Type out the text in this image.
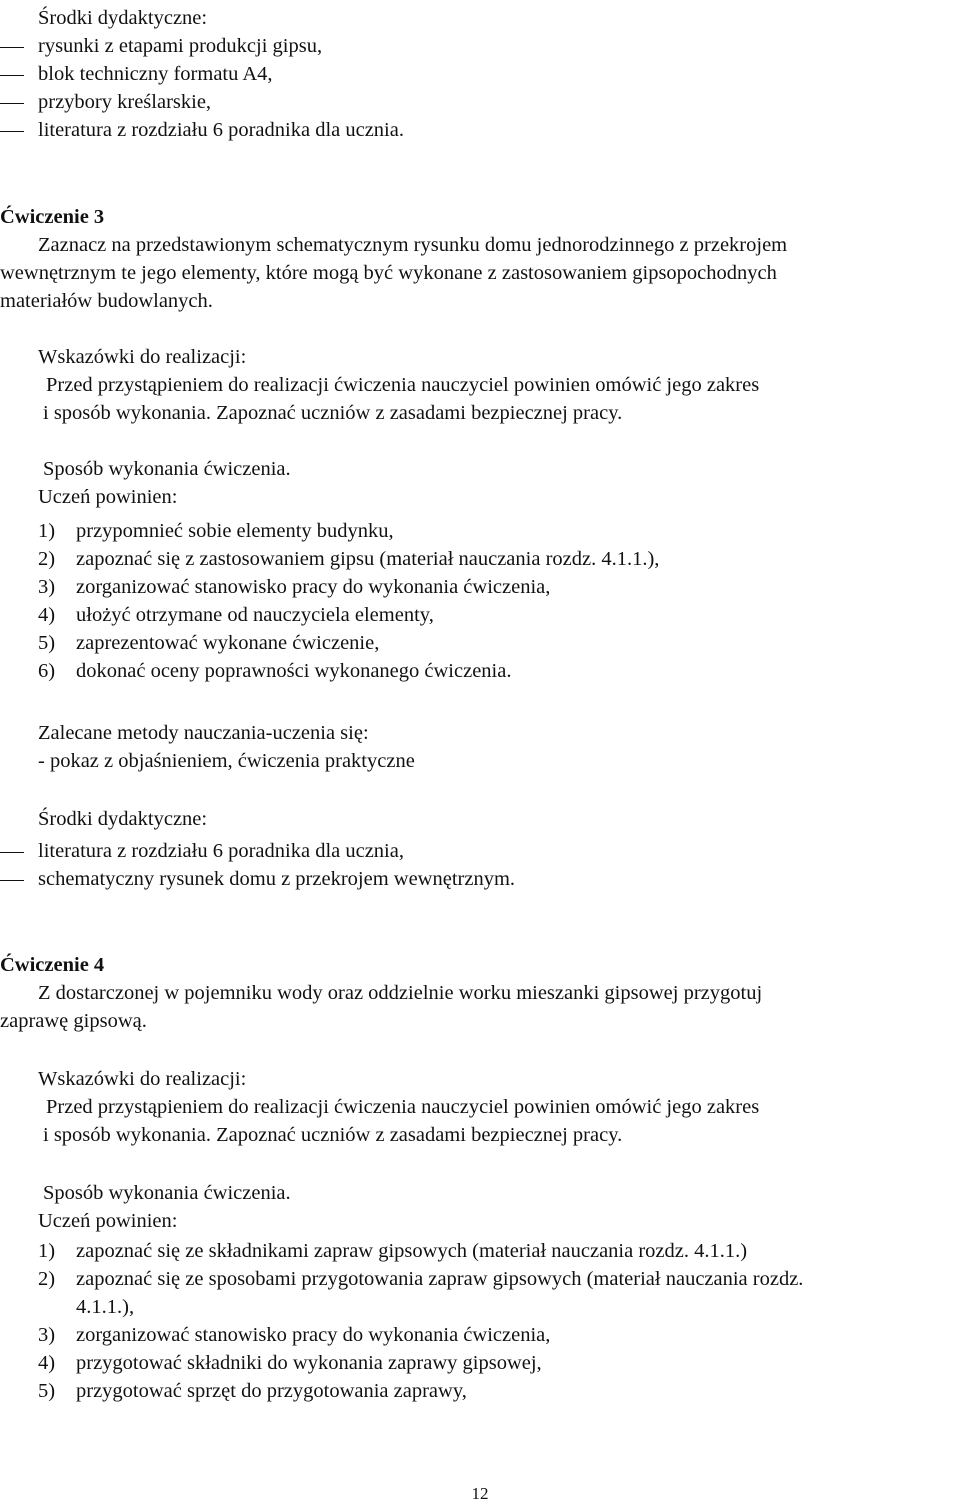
Środki dydaktyczne:
rysunki z etapami produkcji gipsu,
blok techniczny formatu A4,
przybory kreślarskie,
literatura z rozdziału 6 poradnika dla ucznia.
Ćwiczenie 3
Zaznacz na przedstawionym schematycznym rysunku domu jednorodzinnego z przekrojem
wewnętrznym te jego elementy, które mogą być wykonane z zastosowaniem gipsopochodnych
materiałów budowlanych.
Wskazówki do realizacji:
Przed przystąpieniem do realizacji ćwiczenia nauczyciel powinien omówić jego zakres
i sposób wykonania. Zapoznać uczniów z zasadami bezpiecznej pracy.
Sposób wykonania ćwiczenia.
Uczeń powinien:
1)	przypomnieć sobie elementy budynku,
2)	zapoznać się z zastosowaniem gipsu (materiał nauczania rozdz. 4.1.1.),
3)	zorganizować stanowisko pracy do wykonania ćwiczenia,
4)	ułożyć otrzymane od nauczyciela elementy,
5)	zaprezentować wykonane ćwiczenie,
6)	dokonać oceny poprawności wykonanego ćwiczenia.
Zalecane metody nauczania-uczenia się:
- pokaz z objaśnieniem, ćwiczenia praktyczne
Środki dydaktyczne:
literatura z rozdziału 6 poradnika dla ucznia,
schematyczny rysunek domu z przekrojem wewnętrznym.
Ćwiczenie 4
Z dostarczonej w pojemniku wody oraz oddzielnie worku mieszanki gipsowej przygotuj
zaprawę gipsową.
Wskazówki do realizacji:
Przed przystąpieniem do realizacji ćwiczenia nauczyciel powinien omówić jego zakres
i sposób wykonania. Zapoznać uczniów z zasadami bezpiecznej pracy.
Sposób wykonania ćwiczenia.
Uczeń powinien:
1)	zapoznać się ze składnikami zapraw gipsowych (materiał nauczania rozdz. 4.1.1.)
2)	zapoznać się ze sposobami przygotowania zapraw gipsowych (materiał nauczania rozdz.
4.1.1.),
3)	zorganizować stanowisko pracy do wykonania ćwiczenia,
4)	przygotować składniki do wykonania zaprawy gipsowej,
5)	przygotować sprzęt do przygotowania zaprawy,
12
